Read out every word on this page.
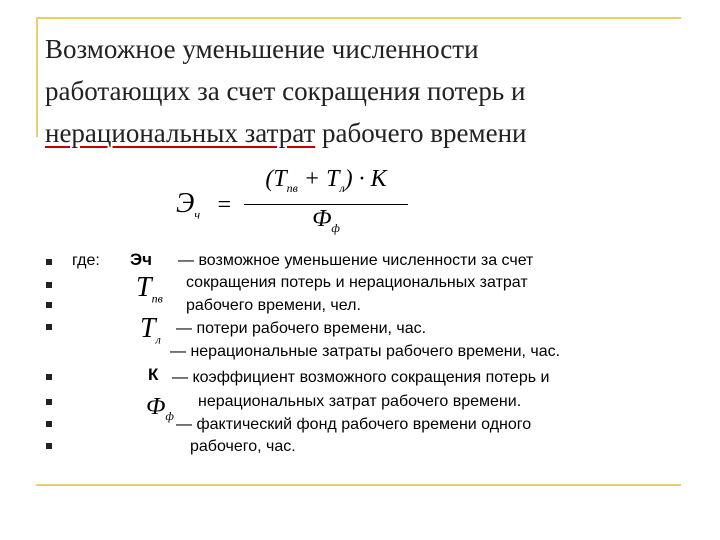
Возможное уменьшение численности
работающих за счет сокращения потерь и
нерациональных затрат рабочего времени
$Э_ч$ =
$(T_{пв} + T_л) \cdot K$
$Ф_ф$
где: Эч — возможное уменьшение численности за счет
сокращения потерь и нерациональных затрат
рабочего времени, чел.
— потери рабочего времени, час.
— нерациональные затраты рабочего времени, час.
К — коэффициент возможного сокращения потерь и
нерациональных затрат рабочего времени.
— фактический фонд рабочего времени одного
рабочего, час.
$T_{пв}$
$T_л$
$Ф_ф$
